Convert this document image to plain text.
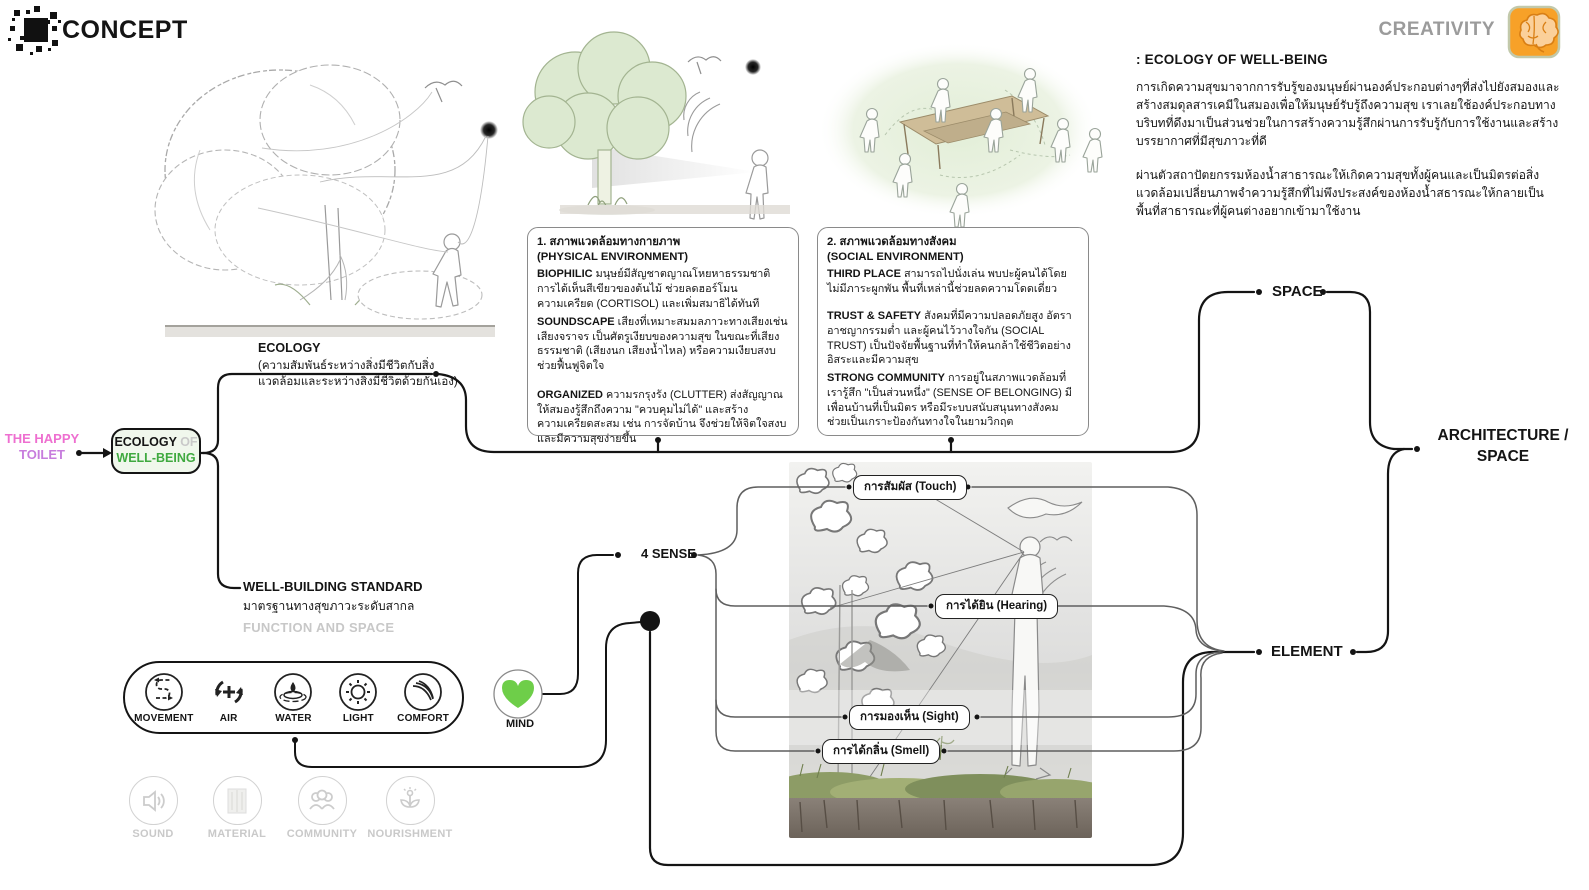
CONCEPT	CREATIVITY
: ECOLOGY OF WELL-BEING

การเกิดความสุขมาจากการรับรู้ของมนุษย์ผ่านองค์ประกอบต่างๆที่ส่งไปยังสมองและสร้างสมดุลสารเคมีในสมองเพื่อให้มนุษย์รับรู้ถึงความสุข เราเลยใช้องค์ประกอบทางบริบทที่ดึงมาเป็นส่วนช่วยในการสร้างความรู้สึกผ่านการรับรู้กับการใช้งานและสร้างบรรยากาศที่มีสุขภาวะที่ดี

ผ่านตัวสถาปัตยกรรมห้องน้ำสาธารณะให้เกิดความสุขทั้งผู้คนและเป็นมิตรต่อสิ่งแวดล้อมเปลี่ยนภาพจำความรู้สึกที่ไม่พึงประสงค์ของห้องน้ำสธารณะให้กลายเป็นพื้นที่สาธารณะที่ผู้คนต่างอยากเข้ามาใช้งาน

THE HAPPY
TOILET
ECOLOGY OF
WELL-BEING
ECOLOGY
(ความสัมพันธ์ระหว่างสิ่งมีชีวิตกับสิ่งแวดล้อมและระหว่างสิ่งมีชีวิตด้วยกันเอง)
WELL-BUILDING STANDARD
มาตรฐานทางสุขภาวะระดับสากล
FUNCTION AND SPACE
MOVEMENT	AIR	WATER	LIGHT COMFORT	MIND
SOUND	MATERIAL COMMUNITY NOURISHMENT
4 SENSE
SPACE
ELEMENT
ARCHITECTURE /
SPACE
การสัมผัส (Touch)
การได้ยิน (Hearing)
การมองเห็น (Sight)
การได้กลิ่น (Smell)
1. สภาพแวดล้อมทางกายภาพ
(PHYSICAL ENVIRONMENT)

BIOPHILIC มนุษย์มีสัญชาตญาณโหยหาธรรมชาติ การได้เห็นสีเขียวของต้นไม้ ช่วยลดฮอร์โมนความเครียด (CORTISOL) และเพิ่มสมาธิได้ทันที

SOUNDSCAPE เสียงที่เหมาะสมมลภาวะทางเสียงเช่น เสียงจราจร เป็นศัตรูเงียบของความสุข ในขณะที่เสียงธรรมชาติ (เสียงนก เสียงน้ำไหล) หรือความเงียบสงบ ช่วยฟื้นฟูจิตใจ

ORGANIZED ความรกรุงรัง (CLUTTER) ส่งสัญญาณให้สมองรู้สึกถึงความ "ควบคุมไม่ได้" และสร้างความเครียดสะสม เช่น การจัดบ้าน จึงช่วยให้จิตใจสงบและมีความสุขง่ายขึ้น

2. สภาพแวดล้อมทางสังคม
(SOCIAL ENVIRONMENT)

THIRD PLACE สามารถไปนั่งเล่น พบปะผู้คนได้โดยไม่มีภาระผูกพัน พื้นที่เหล่านี้ช่วยลดความโดดเดี่ยว

TRUST & SAFETY สังคมที่มีความปลอดภัยสูง อัตราอาชญากรรมต่ำ และผู้คนไว้วางใจกัน (SOCIAL TRUST) เป็นปัจจัยพื้นฐานที่ทำให้คนกล้าใช้ชีวิตอย่างอิสระและมีความสุข

STRONG COMMUNITY การอยู่ในสภาพแวดล้อมที่เรารู้สึก "เป็นส่วนหนึ่ง" (SENSE OF BELONGING) มีเพื่อนบ้านที่เป็นมิตร หรือมีระบบสนับสนุนทางสังคม ช่วยเป็นเกราะป้องกันทางใจในยามวิกฤต
